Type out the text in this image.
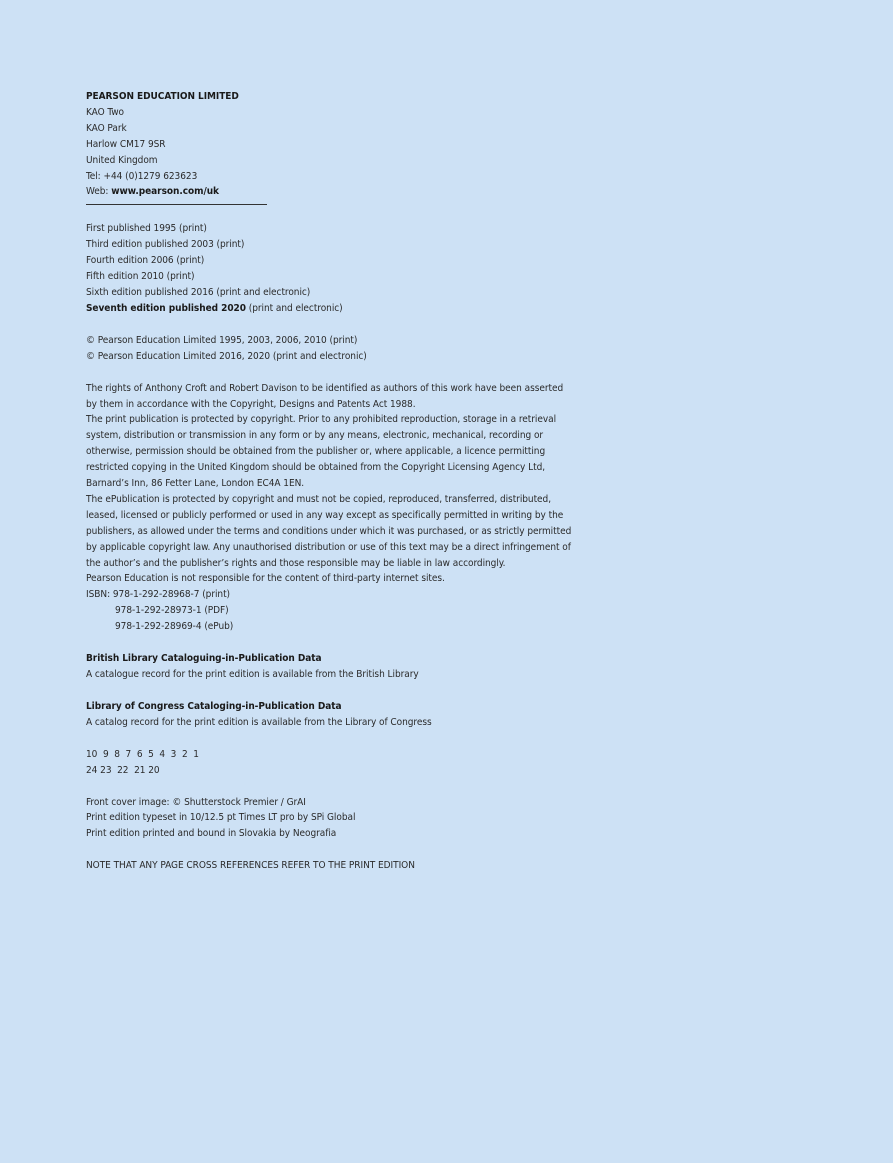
PEARSON EDUCATION LIMITED

KAO Two

KAO Park

Harlow CM17 9SR

United Kingdom

Tel: +44 (0)1279 623623

Web: www.pearson.com/uk

First published 1995 (print)

Third edition published 2003 (print)

Fourth edition 2006 (print)

Fifth edition 2010 (print)

Sixth edition published 2016 (print and electronic)

Seventh edition published 2020 (print and electronic)

© Pearson Education Limited 1995, 2003, 2006, 2010 (print)

© Pearson Education Limited 2016, 2020 (print and electronic)

The rights of Anthony Croft and Robert Davison to be identified as authors of this work have been asserted by them in accordance with the Copyright, Designs and Patents Act 1988.

The print publication is protected by copyright. Prior to any prohibited reproduction, storage in a retrieval system, distribution or transmission in any form or by any means, electronic, mechanical, recording or otherwise, permission should be obtained from the publisher or, where applicable, a licence permitting restricted copying in the United Kingdom should be obtained from the Copyright Licensing Agency Ltd, Barnard’s Inn, 86 Fetter Lane, London EC4A 1EN.

The ePublication is protected by copyright and must not be copied, reproduced, transferred, distributed, leased, licensed or publicly performed or used in any way except as specifically permitted in writing by the publishers, as allowed under the terms and conditions under which it was purchased, or as strictly permitted by applicable copyright law. Any unauthorised distribution or use of this text may be a direct infringement of the author’s and the publisher’s rights and those responsible may be liable in law accordingly.

Pearson Education is not responsible for the content of third-party internet sites.

ISBN: 978-1-292-28968-7 (print)

978-1-292-28973-1 (PDF)

978-1-292-28969-4 (ePub)

British Library Cataloguing-in-Publication Data

A catalogue record for the print edition is available from the British Library

Library of Congress Cataloging-in-Publication Data

A catalog record for the print edition is available from the Library of Congress

10  9  8  7  6  5  4  3  2  1

24 23  22  21 20

Front cover image: © Shutterstock Premier / GrAI

Print edition typeset in 10/12.5 pt Times LT pro by SPi Global

Print edition printed and bound in Slovakia by Neografia

NOTE THAT ANY PAGE CROSS REFERENCES REFER TO THE PRINT EDITION
